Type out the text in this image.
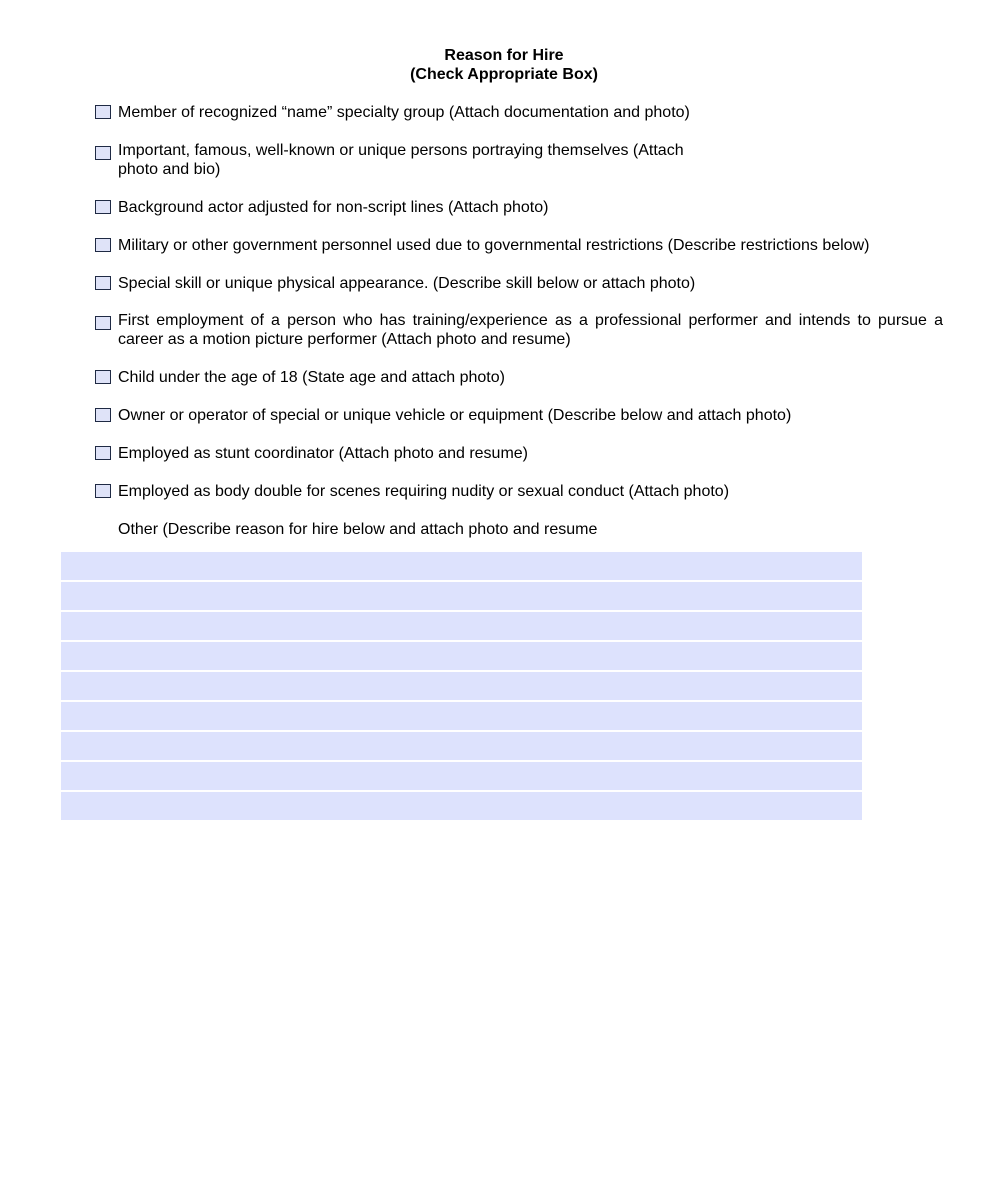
Reason for Hire
(Check Appropriate Box)
Member of recognized “name” specialty group (Attach documentation and photo)
Important, famous, well-known or unique persons portraying themselves (Attach photo and bio)
Background actor adjusted for non-script lines (Attach photo)
Military or other government personnel used due to governmental restrictions (Describe restrictions below)
Special skill or unique physical appearance. (Describe skill below or attach photo)
First employment of a person who has training/experience as a professional performer and intends to pursue a career as a motion picture performer (Attach photo and resume)
Child under the age of 18 (State age and attach photo)
Owner or operator of special or unique vehicle or equipment (Describe below and attach photo)
Employed as stunt coordinator (Attach photo and resume)
Employed as body double for scenes requiring nudity or sexual conduct (Attach photo)
Other (Describe reason for hire below and attach photo and resume
